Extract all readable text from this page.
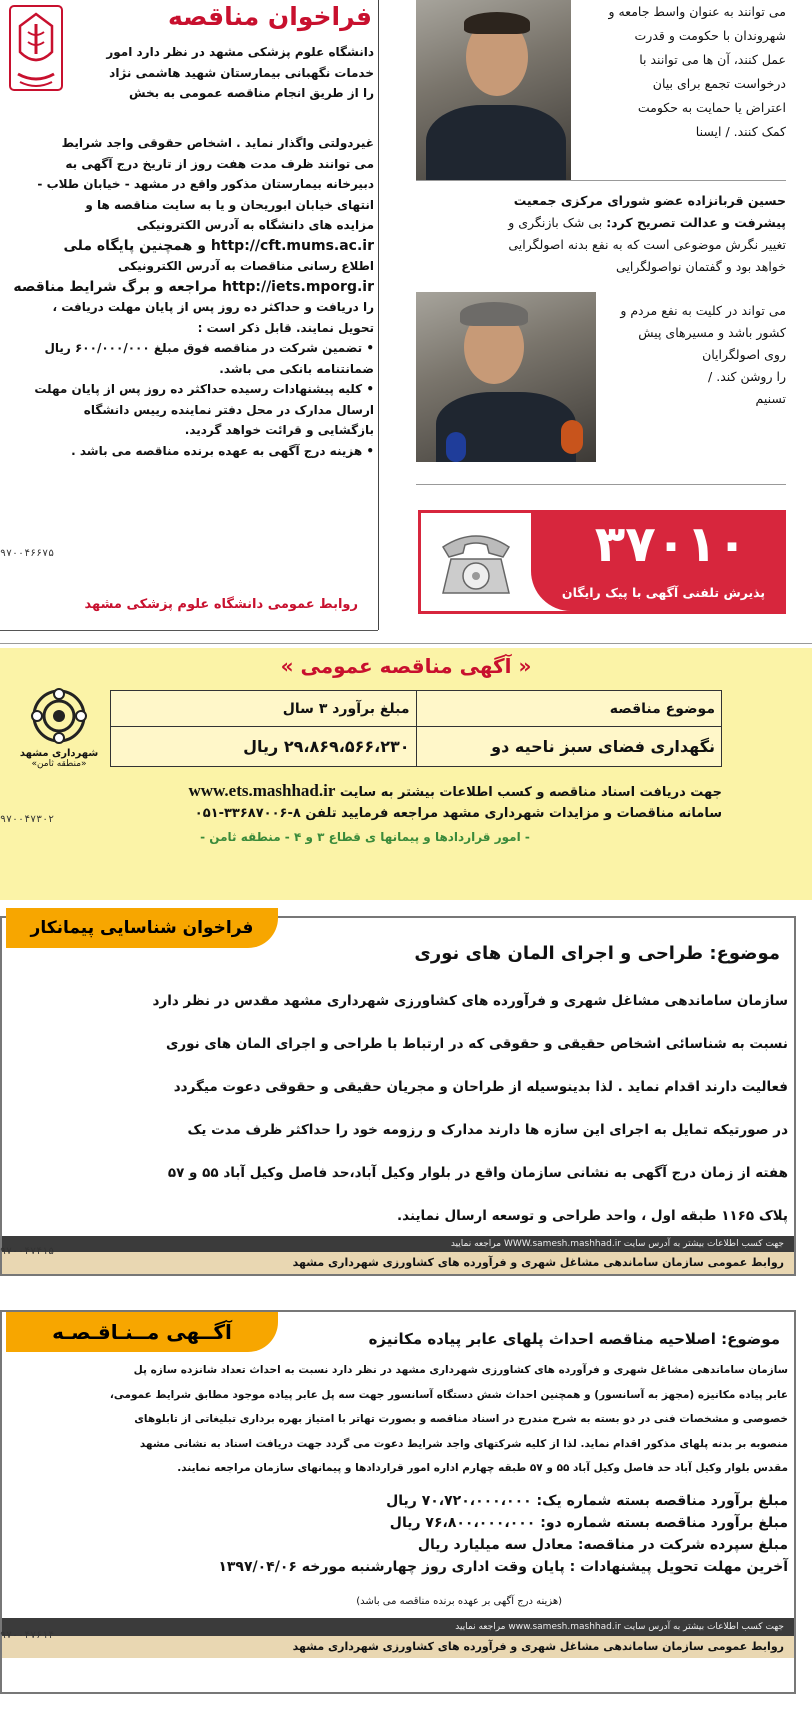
فراخوان مناقصه
دانشگاه علوم پزشکی مشهد در نظر دارد امور
خدمات نگهبانی بیمارستان شهید هاشمی نژاد
را از طریق انجام مناقصه عمومی به بخش
غیردولتی واگذار نماید . اشخاص حقوقی واجد شرایط
می توانند ظرف مدت هفت روز از تاریخ درج آگهی به
دبیرخانه بیمارستان مذکور واقع در مشهد - خیابان طلاب -
انتهای خیابان ابوریحان و یا به سایت مناقصه ها و
مزایده های دانشگاه به آدرس الکترونیکی
http://cft.mums.ac.ir و همچنین پایگاه ملی
اطلاع رسانی مناقصات به آدرس الکترونیکی
http://iets.mporg.ir مراجعه و برگ شرایط مناقصه
را دریافت و حداکثر ده روز پس از پایان مهلت دریافت ،
تحویل نمایند. قابل ذکر است :
• تضمین شرکت در مناقصه فوق مبلغ ۶۰۰/۰۰۰/۰۰۰ ریال
ضمانتنامه بانکی می باشد.
• کلیه پیشنهادات رسیده حداکثر ده روز پس از پایان مهلت
ارسال مدارک در محل دفتر نماینده رییس دانشگاه
بازگشایی و قرائت خواهد گردید.
• هزینه درج آگهی به عهده برنده مناقصه می باشد .
روابط عمومی دانشگاه علوم پزشکی مشهد
۹۷۰۰۴۶۶۷۵
می توانند به عنوان واسط جامعه و
شهروندان با حکومت و قدرت
عمل کنند، آن ها می توانند با
درخواست تجمع برای بیان
اعتراض یا حمایت به حکومت
کمک کنند. / ایسنا
حسین قربانزاده عضو شورای مرکزی جمعیت
پیشرفت و عدالت تصریح کرد: بی شک بازنگری و
تغییر نگرش موضوعی است که به نفع بدنه اصولگرایی
خواهد بود و گفتمان نواصولگرایی
می تواند در کلیت به نفع مردم و
کشور باشد و مسیرهای پیش
روی اصولگرایان
را روشن کند. /
تسنیم
۳۷۰۱۰
پذیرش تلفنی آگهی با پیک رایگان
« آگهی مناقصه عمومی »
موضوع مناقصه	مبلغ برآورد ۳ سال
نگهداری فضای سبز ناحیه دو	۲۹،۸۶۹،۵۶۶،۲۳۰ ریال
شهرداری مشهد
«منطقه ثامن»
جهت دریافت اسناد مناقصه و کسب اطلاعات بیشتر به سایت www.ets.mashhad.ir
سامانه مناقصات و مزایدات شهرداری مشهد مراجعه فرمایید تلفن ۸-۳۳۶۸۷۰۰۶-۰۵۱
- امور قراردادها و پیمانها ی قطاع ۳ و ۴ - منطقه ثامن -
۹۷۰۰۴۷۳۰۲
فراخوان شناسایی پیمانکار
موضوع: طراحی و اجرای المان های نوری
سازمان ساماندهی مشاغل شهری و فرآورده های کشاورزی شهرداری مشهد مقدس در نظر دارد
نسبت به شناسائی اشخاص حقیقی و حقوقی که در ارتباط با طراحی و اجرای المان های نوری
فعالیت دارند اقدام نماید . لذا بدینوسیله از طراحان و مجریان حقیقی و حقوقی دعوت میگردد
در صورتیکه تمایل به اجرای این سازه ها دارند مدارک و رزومه خود را حداکثر ظرف مدت یک
هفته از زمان درج آگهی به نشانی سازمان واقع در بلوار وکیل آباد،حد فاصل وکیل آباد ۵۵ و ۵۷
پلاک ۱۱۶۵ طبقه اول ، واحد طراحی و توسعه ارسال نمایند.
جهت کسب اطلاعات بیشتر به آدرس سایت WWW.samesh.mashhad.ir مراجعه نمایید
روابط عمومی سازمان ساماندهی مشاغل شهری و فرآورده های کشاورزی شهرداری مشهد
۹۷۰۰۴۷۴۱۵
آگــهی مــنـاقـصـه	موضوع: اصلاحیه مناقصه احداث پلهای عابر پیاده مکانیزه
سازمان ساماندهی مشاغل شهری و فرآورده های کشاورزی شهرداری مشهد در نظر دارد نسبت به احداث تعداد شانزده سازه پل
عابر پیاده مکانیزه (مجهز به آسانسور) و همچنین احداث شش دستگاه آسانسور جهت سه پل عابر پیاده موجود مطابق شرایط عمومی،
خصوصی و مشخصات فنی در دو بسته به شرح مندرج در اسناد مناقصه و بصورت تهاتر با امتیاز بهره برداری تبلیغاتی از تابلوهای
منصوبه بر بدنه پلهای مذکور اقدام نماید. لذا از کلیه شرکتهای واجد شرایط دعوت می گردد جهت دریافت اسناد به نشانی مشهد
مقدس بلوار وکیل آباد حد فاصل وکیل آباد ۵۵ و ۵۷ طبقه چهارم اداره امور قراردادها و پیمانهای سازمان مراجعه نمایند.
مبلغ برآورد مناقصه بسته شماره یک: ۷۰،۷۲۰،۰۰۰،۰۰۰ ریال
مبلغ برآورد مناقصه بسته شماره دو: ۷۶،۸۰۰،۰۰۰،۰۰۰ ریال
مبلغ سپرده شرکت در مناقصه: معادل سه میلیارد ریال
آخرین مهلت تحویل پیشنهادات : پایان وقت اداری روز چهارشنبه مورخه ۱۳۹۷/۰۴/۰۶
(هزینه درج آگهی بر عهده برنده مناقصه می باشد)
جهت کسب اطلاعات بیشتر به آدرس سایت www.samesh.mashhad.ir مراجعه نمایید
روابط عمومی سازمان ساماندهی مشاغل شهری و فرآورده های کشاورزی شهرداری مشهد
۹۷۰۰۴۷۶۱۴
